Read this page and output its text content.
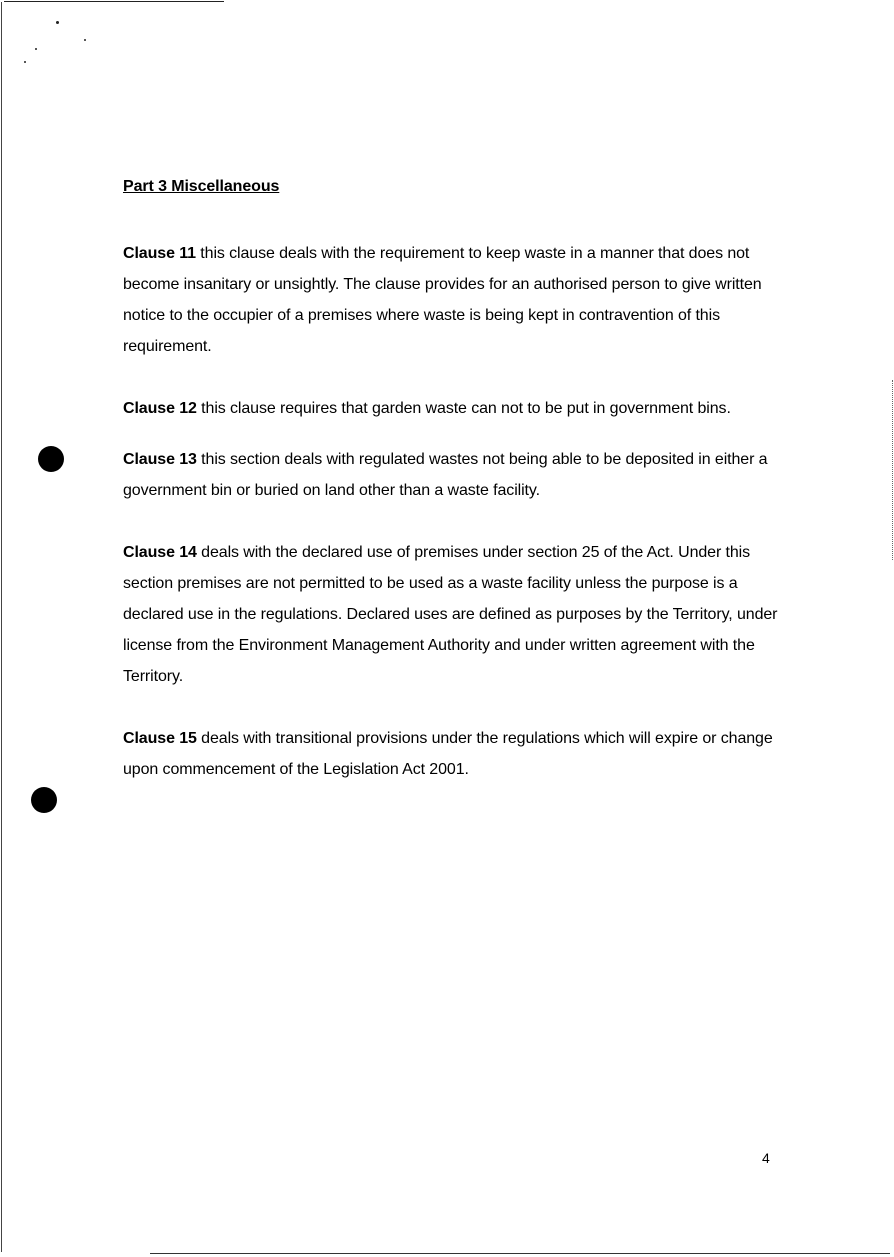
Part 3 Miscellaneous
Clause 11 this clause deals with the requirement to keep waste in a manner that does not become insanitary or unsightly. The clause provides for an authorised person to give written notice to the occupier of a premises where waste is being kept in contravention of this requirement.
Clause 12 this clause requires that garden waste can not to be put in government bins.
Clause 13 this section deals with regulated wastes not being able to be deposited in either a government bin or buried on land other than a waste facility.
Clause 14 deals with the declared use of premises under section 25 of the Act. Under this section premises are not permitted to be used as a waste facility unless the purpose is a declared use in the regulations. Declared uses are defined as purposes by the Territory, under license from the Environment Management Authority and under written agreement with the Territory.
Clause 15 deals with transitional provisions under the regulations which will expire or change upon commencement of the Legislation Act 2001.
4
